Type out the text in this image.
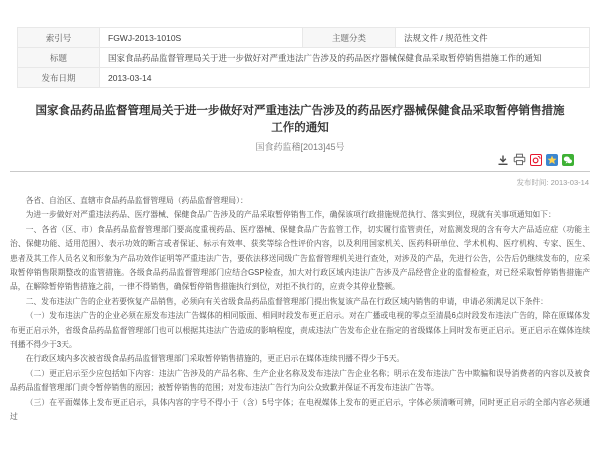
索引号	FGWJ-2013-1010S	主题分类	法规文件 / 规范性文件
标题	国家食品药品监督管理局关于进一步做好对严重违法广告涉及的药品医疗器械保健食品采取暂停销售措施工作的通知		
发布日期	2013-03-14		
国家食品药品监督管理局关于进一步做好对严重违法广告涉及的药品医疗器械保健食品采取暂停销售措施工作的通知
国食药监稽[2013]45号
发布时间: 2013-03-14

各省、自治区、直辖市食品药品监督管理局（药品监督管理局）：

为进一步做好对严重违法药品、医疗器械、保健食品广告涉及的产品采取暂停销售工作，确保该项行政措施规范执行、落实到位，现就有关事项通知如下：

一、各省（区、市）食品药品监督管理部门要高度重视药品、医疗器械、保健食品广告监管工作，切实履行监管责任，对监测发现的含有夸大产品适应症（功能主治、保健功能、适用范围）、表示功效的断言或者保证、标示有效率、获奖等综合性评价内容，以及利用国家机关、医药科研单位、学术机构、医疗机构、专家、医生、患者及其工作人员名义和形象为产品功效作证明等严重违法广告，要依法移送同级广告监督管理机关进行查处，对涉及的产品，先进行公告，公告后仍继续发布的，应采取暂停销售限期整改的监管措施。各级食品药品监督管理部门应结合GSP检查，加大对行政区域内违法广告涉及产品经营企业的监督检查，对已经采取暂停销售措施产品，在解除暂停销售措施之前，一律不得销售，确保暂停销售措施执行到位，对拒不执行的，应责令其停业整顿。

二、发布违法广告的企业若要恢复产品销售，必须向有关省级食品药品监督管理部门提出恢复该产品在行政区域内销售的申请，申请必须满足以下条件：

（一）发布违法广告的企业必须在原发布违法广告媒体的相同版面、相同时段发布更正启示。对在广播或电视的零点至清晨6点时段发布违法广告的，除在原媒体发布更正启示外，省级食品药品监督管理部门也可以根据其违法广告造成的影响程度，责成违法广告发布企业在指定的省级媒体上同时发布更正启示。更正启示在媒体连续刊播不得少于3天。

在行政区域内多次被省级食品药品监督管理部门采取暂停销售措施的，更正启示在媒体连续刊播不得少于5天。

（二）更正启示至少应包括如下内容：违法广告涉及的产品名称、生产企业名称及发布违法广告企业名称；明示在发布违法广告中欺骗和误导消费者的内容以及被食品药品监督管理部门责令暂停销售的原因；被暂停销售的范围；对发布违法广告行为向公众致歉并保证不再发布违法广告等。

（三）在平面媒体上发布更正启示，具体内容的字号不得小于（含）5号字体；在电视媒体上发布的更正启示，字体必须清晰可辨，同时更正启示的全部内容必须通过
